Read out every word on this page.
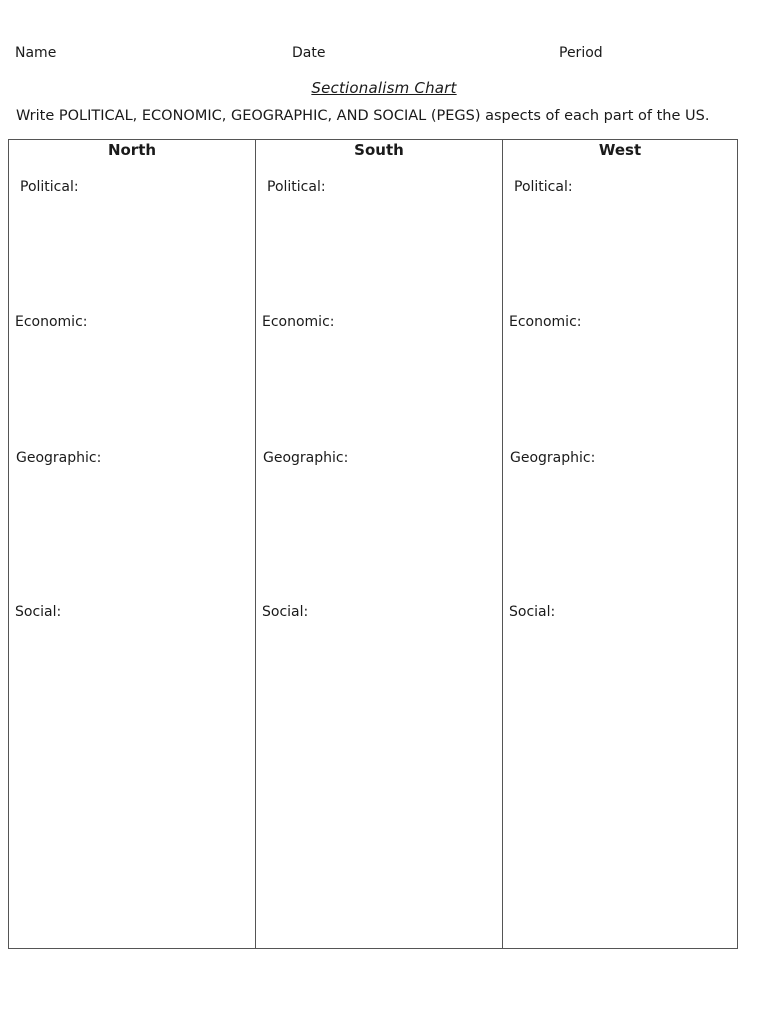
Name	Date	Period
Sectionalism Chart
Write POLITICAL, ECONOMIC, GEOGRAPHIC, AND SOCIAL (PEGS) aspects of each part of the US.
North
Political:
Economic:
Geographic:
Social:
South
Political:
Economic:
Geographic:
Social:
West
Political:
Economic:
Geographic:
Social:
